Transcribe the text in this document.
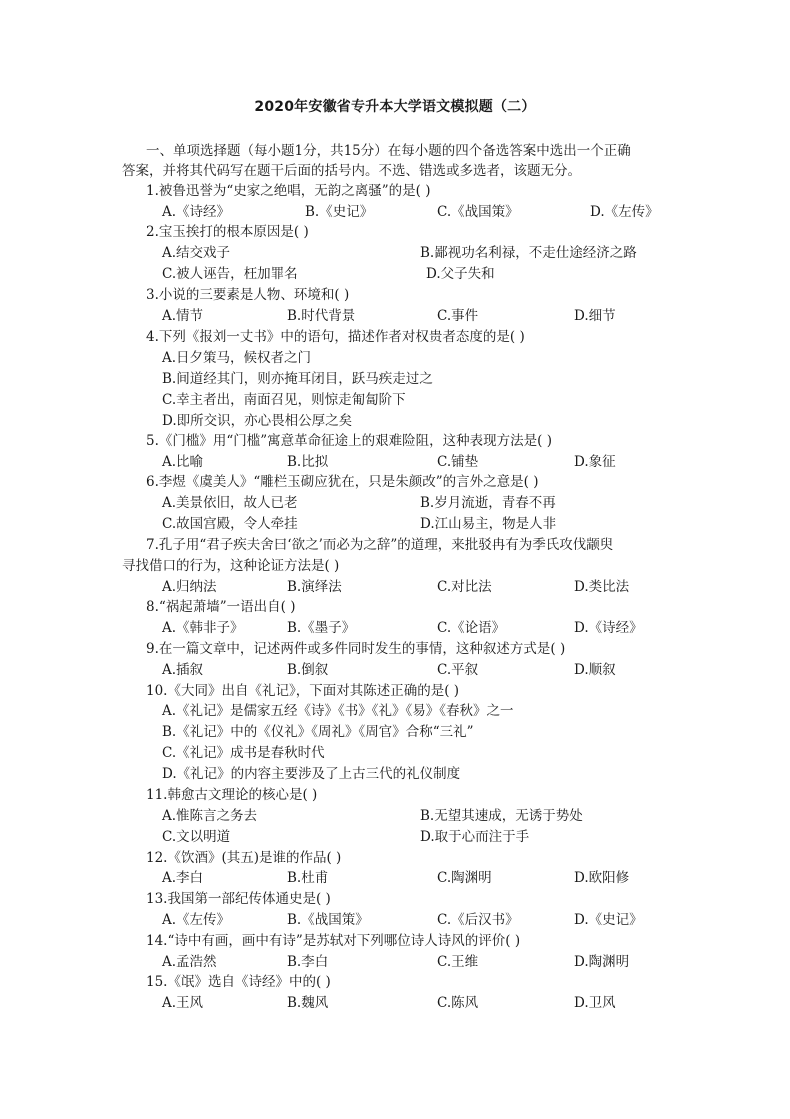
2020年安徽省专升本大学语文模拟题（二）
一、单项选择题（每小题1分，共15分）在每小题的四个备选答案中选出一个正确
答案，并将其代码写在题干后面的括号内。不选、错选或多选者，该题无分。
1.被鲁迅誉为“史家之绝唱，无韵之离骚”的是( )
A.《诗经》	B.《史记》	C.《战国策》	D.《左传》
2.宝玉挨打的根本原因是( )
A.结交戏子	B.鄙视功名利禄，不走仕途经济之路
C.被人诬告，枉加罪名	D.父子失和
3.小说的三要素是人物、环境和( )
A.情节	B.时代背景	C.事件	D.细节
4.下列《报刘一丈书》中的语句，描述作者对权贵者态度的是( )
A.日夕策马，候权者之门
B.间道经其门，则亦掩耳闭目，跃马疾走过之
C.幸主者出，南面召见，则惊走匍匐阶下
D.即所交识，亦心畏相公厚之矣
5.《门槛》用“门槛”寓意革命征途上的艰难险阻，这种表现方法是( )
A.比喻	B.比拟	C.铺垫	D.象征
6.李煜《虞美人》“雕栏玉砌应犹在，只是朱颜改”的言外之意是( )
A.美景依旧，故人已老	B.岁月流逝，青春不再
C.故国宫殿，令人牵挂	D.江山易主，物是人非
7.孔子用“君子疾夫舍曰‘欲之’而必为之辞”的道理，来批驳冉有为季氏攻伐颛臾
寻找借口的行为，这种论证方法是( )
A.归纳法	B.演绎法	C.对比法	D.类比法
8.“祸起萧墙”一语出自( )
A.《韩非子》	B.《墨子》	C.《论语》	D.《诗经》
9.在一篇文章中，记述两件或多件同时发生的事情，这种叙述方式是( )
A.插叙	B.倒叙	C.平叙	D.顺叙
10.《大同》出自《礼记》，下面对其陈述正确的是( )
A.《礼记》是儒家五经《诗》《书》《礼》《易》《春秋》之一
B.《礼记》中的《仪礼》《周礼》《周官》合称“三礼”
C.《礼记》成书是春秋时代
D.《礼记》的内容主要涉及了上古三代的礼仪制度
11.韩愈古文理论的核心是( )
A.惟陈言之务去	B.无望其速成，无诱于势处
C.文以明道	D.取于心而注于手
12.《饮酒》(其五)是谁的作品( )
A.李白	B.杜甫	C.陶渊明	D.欧阳修
13.我国第一部纪传体通史是( )
A.《左传》	B.《战国策》	C.《后汉书》	D.《史记》
14.“诗中有画，画中有诗”是苏轼对下列哪位诗人诗风的评价( )
A.孟浩然	B.李白	C.王维	D.陶渊明
15.《氓》选自《诗经》中的( )
A.王风	B.魏风	C.陈风	D.卫风
